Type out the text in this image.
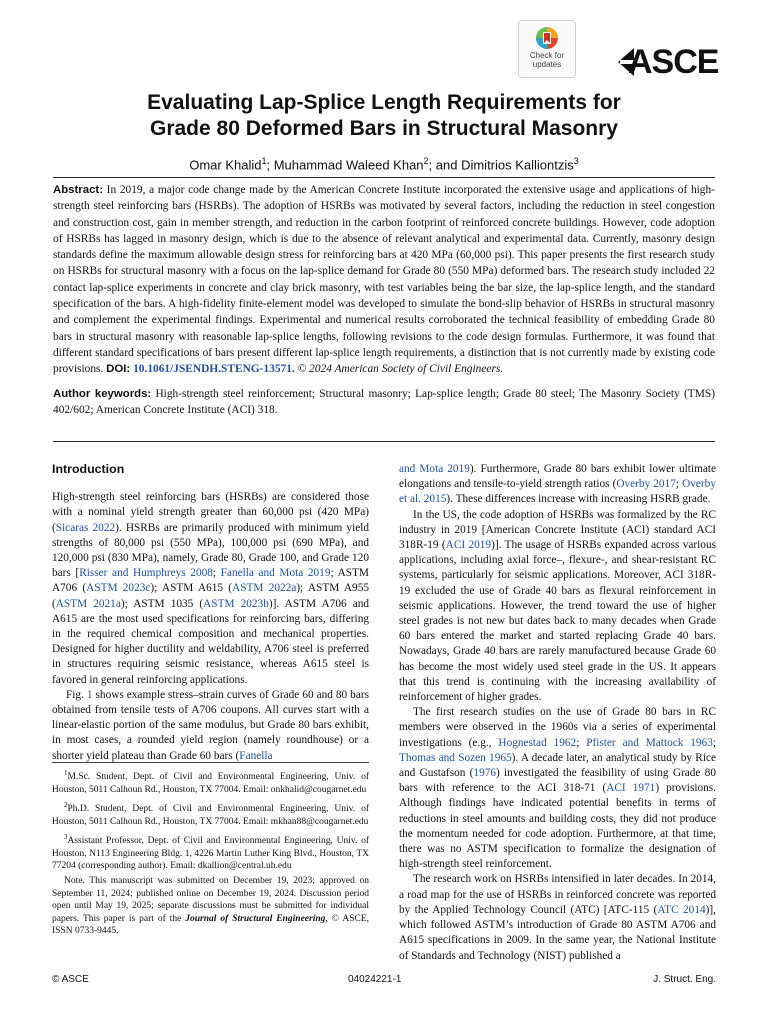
Check for
updates	ASCE
Evaluating Lap-Splice Length Requirements for
Grade 80 Deformed Bars in Structural Masonry
Omar Khalid$^1$; Muhammad Waleed Khan$^2$; and Dimitrios Kalliontzis$^3$

Abstract: In 2019, a major code change made by the American Concrete Institute incorporated the extensive usage and applications of high-strength steel reinforcing bars (HSRBs). The adoption of HSRBs was motivated by several factors, including the reduction in steel congestion and construction cost, gain in member strength, and reduction in the carbon footprint of reinforced concrete buildings. However, code adoption of HSRBs has lagged in masonry design, which is due to the absence of relevant analytical and experimental data. Currently, masonry design standards define the maximum allowable design stress for reinforcing bars at 420 MPa (60,000 psi). This paper presents the first research study on HSRBs for structural masonry with a focus on the lap-splice demand for Grade 80 (550 MPa) deformed bars. The research study included 22 contact lap-splice experiments in concrete and clay brick masonry, with test variables being the bar size, the lap-splice length, and the standard specification of the bars. A high-fidelity finite-element model was developed to simulate the bond-slip behavior of HSRBs in structural masonry and complement the experimental findings. Experimental and numerical results corroborated the technical feasibility of embedding Grade 80 bars in structural masonry with reasonable lap-splice lengths, following revisions to the code design formulas. Furthermore, it was found that different standard specifications of bars present different lap-splice length requirements, a distinction that is not currently made by existing code provisions. DOI: 10.1061/JSENDH.STENG-13571. © 2024 American Society of Civil Engineers.

Author keywords: High-strength steel reinforcement; Structural masonry; Lap-splice length; Grade 80 steel; The Masonry Society (TMS) 402/602; American Concrete Institute (ACI) 318.

Introduction

High-strength steel reinforcing bars (HSRBs) are considered those with a nominal yield strength greater than 60,000 psi (420 MPa) (Sicaras 2022). HSRBs are primarily produced with minimum yield strengths of 80,000 psi (550 MPa), 100,000 psi (690 MPa), and 120,000 psi (830 MPa), namely, Grade 80, Grade 100, and Grade 120 bars [Risser and Humphreys 2008; Fanella and Mota 2019; ASTM A706 (ASTM 2023c); ASTM A615 (ASTM 2022a); ASTM A955 (ASTM 2021a); ASTM 1035 (ASTM 2023b)]. ASTM A706 and A615 are the most used specifications for reinforcing bars, differing in the required chemical composition and mechanical properties. Designed for higher ductility and weldability, A706 steel is preferred in structures requiring seismic resistance, whereas A615 steel is favored in general reinforcing applications.

Fig. 1 shows example stress–strain curves of Grade 60 and 80 bars obtained from tensile tests of A706 coupons. All curves start with a linear-elastic portion of the same modulus, but Grade 80 bars exhibit, in most cases, a rounded yield region (namely roundhouse) or a shorter yield plateau than Grade 60 bars (Fanella

$^1$M.Sc. Student, Dept. of Civil and Environmental Engineering, Univ. of Houston, 5011 Calhoun Rd., Houston, TX 77004. Email: onkhalid@cougarnet.edu

$^2$Ph.D. Student, Dept. of Civil and Environmental Engineering, Univ. of Houston, 5011 Calhoun Rd., Houston, TX 77004. Email: mkhan88@cougarnet.edu

$^3$Assistant Professor, Dept. of Civil and Environmental Engineering, Univ. of Houston, N113 Engineering Bldg. 1, 4226 Martin Luther King Blvd., Houston, TX 77204 (corresponding author). Email: dkallion@central.uh.edu

Note. This manuscript was submitted on December 19, 2023; approved on September 11, 2024; published online on December 19, 2024. Discussion period open until May 19, 2025; separate discussions must be submitted for individual papers. This paper is part of the Journal of Structural Engineering, © ASCE, ISSN 0733-9445.

and Mota 2019). Furthermore, Grade 80 bars exhibit lower ultimate elongations and tensile-to-yield strength ratios (Overby 2017; Overby et al. 2015). These differences increase with increasing HSRB grade.

In the US, the code adoption of HSRBs was formalized by the RC industry in 2019 [American Concrete Institute (ACI) standard ACI 318R-19 (ACI 2019)]. The usage of HSRBs expanded across various applications, including axial force–, flexure-, and shear-resistant RC systems, particularly for seismic applications. Moreover, ACI 318R-19 excluded the use of Grade 40 bars as flexural reinforcement in seismic applications. However, the trend toward the use of higher steel grades is not new but dates back to many decades when Grade 60 bars entered the market and started replacing Grade 40 bars. Nowadays, Grade 40 bars are rarely manufactured because Grade 60 has become the most widely used steel grade in the US. It appears that this trend is continuing with the increasing availability of reinforcement of higher grades.

The first research studies on the use of Grade 80 bars in RC members were observed in the 1960s via a series of experimental investigations (e.g., Hognestad 1962; Pfister and Mattock 1963; Thomas and Sozen 1965). A decade later, an analytical study by Rice and Gustafson (1976) investigated the feasibility of using Grade 80 bars with reference to the ACI 318-71 (ACI 1971) provisions. Although findings have indicated potential benefits in terms of reductions in steel amounts and building costs, they did not produce the momentum needed for code adoption. Furthermore, at that time, there was no ASTM specification to formalize the designation of high-strength steel reinforcement.

The research work on HSRBs intensified in later decades. In 2014, a road map for the use of HSRBs in reinforced concrete was reported by the Applied Technology Council (ATC) [ATC-115 (ATC 2014)], which followed ASTM’s introduction of Grade 80 ASTM A706 and A615 specifications in 2009. In the same year, the National Institute of Standards and Technology (NIST) published a

© ASCE	04024221-1	J. Struct. Eng.
